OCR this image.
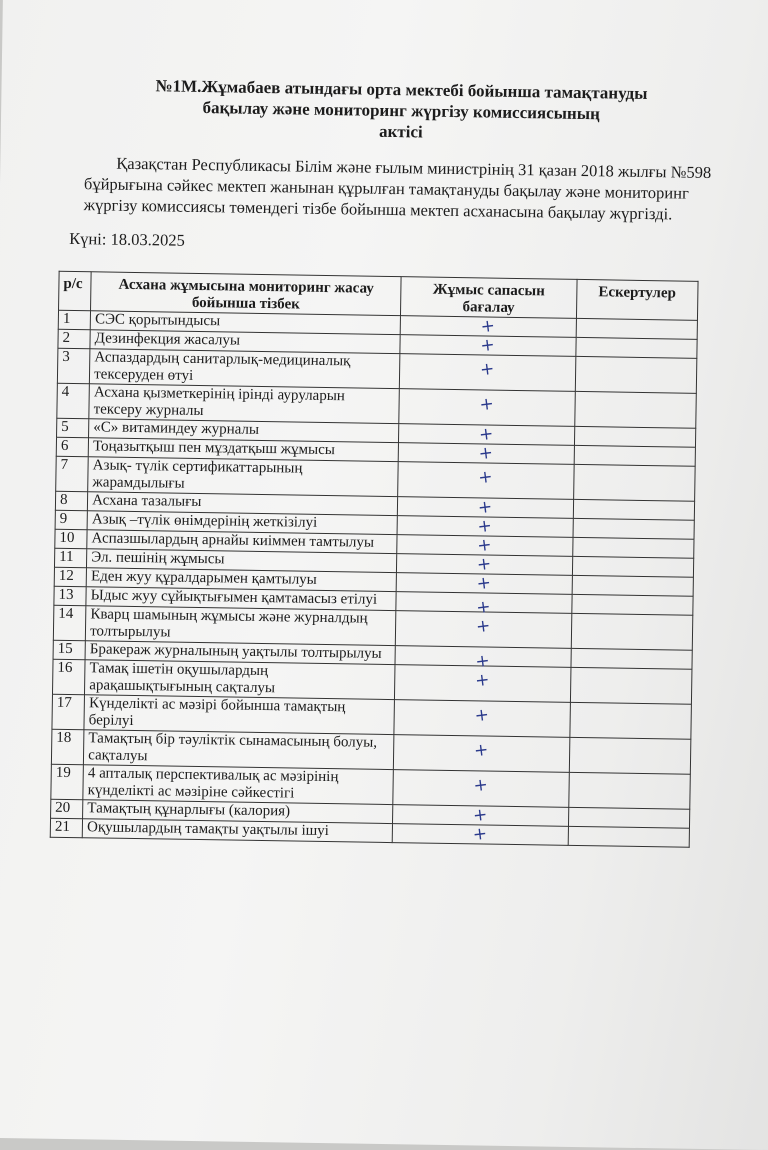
№1М.Жұмабаев атындағы орта мектебі бойынша тамақтануды
бақылау және мониторинг жүргізу комиссиясының
актісі
Қазақстан Республикасы Білім және ғылым министрінің 31 қазан 2018 жылғы №598 бұйрығына сәйкес мектеп жанынан құрылған тамақтануды бақылау және мониторинг жүргізу комиссиясы төмендегі тізбе бойынша мектеп асханасына бақылау жүргізді.
Күні: 18.03.2025
р/с	Асхана жұмысына мониторинг жасау бойынша тізбек	Жұмыс сапасын бағалау	Ескертулер
1	СЭС қорытындысы	+	
2	Дезинфекция жасалуы	+	
3	Аспаздардың санитарлық-медициналық тексеруден өтуі	+	
4	Асхана қызметкерінің ірінді ауруларын тексеру журналы	+	
5	«С» витаминдеу журналы	+	
6	Тоңазытқыш пен мұздатқыш жұмысы	+	
7	Азық- түлік сертификаттарының жарамдылығы	+	
8	Асхана тазалығы	+	
9	Азық –түлік өнімдерінің жеткізілуі	+	
10	Аспазшылардың арнайы киіммен тамтылуы	+	
11	Эл. пешінің жұмысы	+	
12	Еден жуу құралдарымен қамтылуы	+	
13	Ыдыс жуу сұйықтығымен қамтамасыз етілуі	+	
14	Кварц шамының жұмысы және журналдың толтырылуы	+	
15	Бракераж журналының уақтылы толтырылуы	+	
16	Тамақ ішетін оқушылардың арақашықтығының сақталуы	+	
17	Күнделікті ас мәзірі бойынша тамақтың берілуі	+	
18	Тамақтың бір тәуліктік сынамасының болуы, сақталуы	+	
19	4 апталық перспективалық ас мәзірінің күнделікті ас мәзіріне сәйкестігі	+	
20	Тамақтың құнарлығы (калория)	+	
21	Оқушылардың тамақты уақтылы ішуі	+	
